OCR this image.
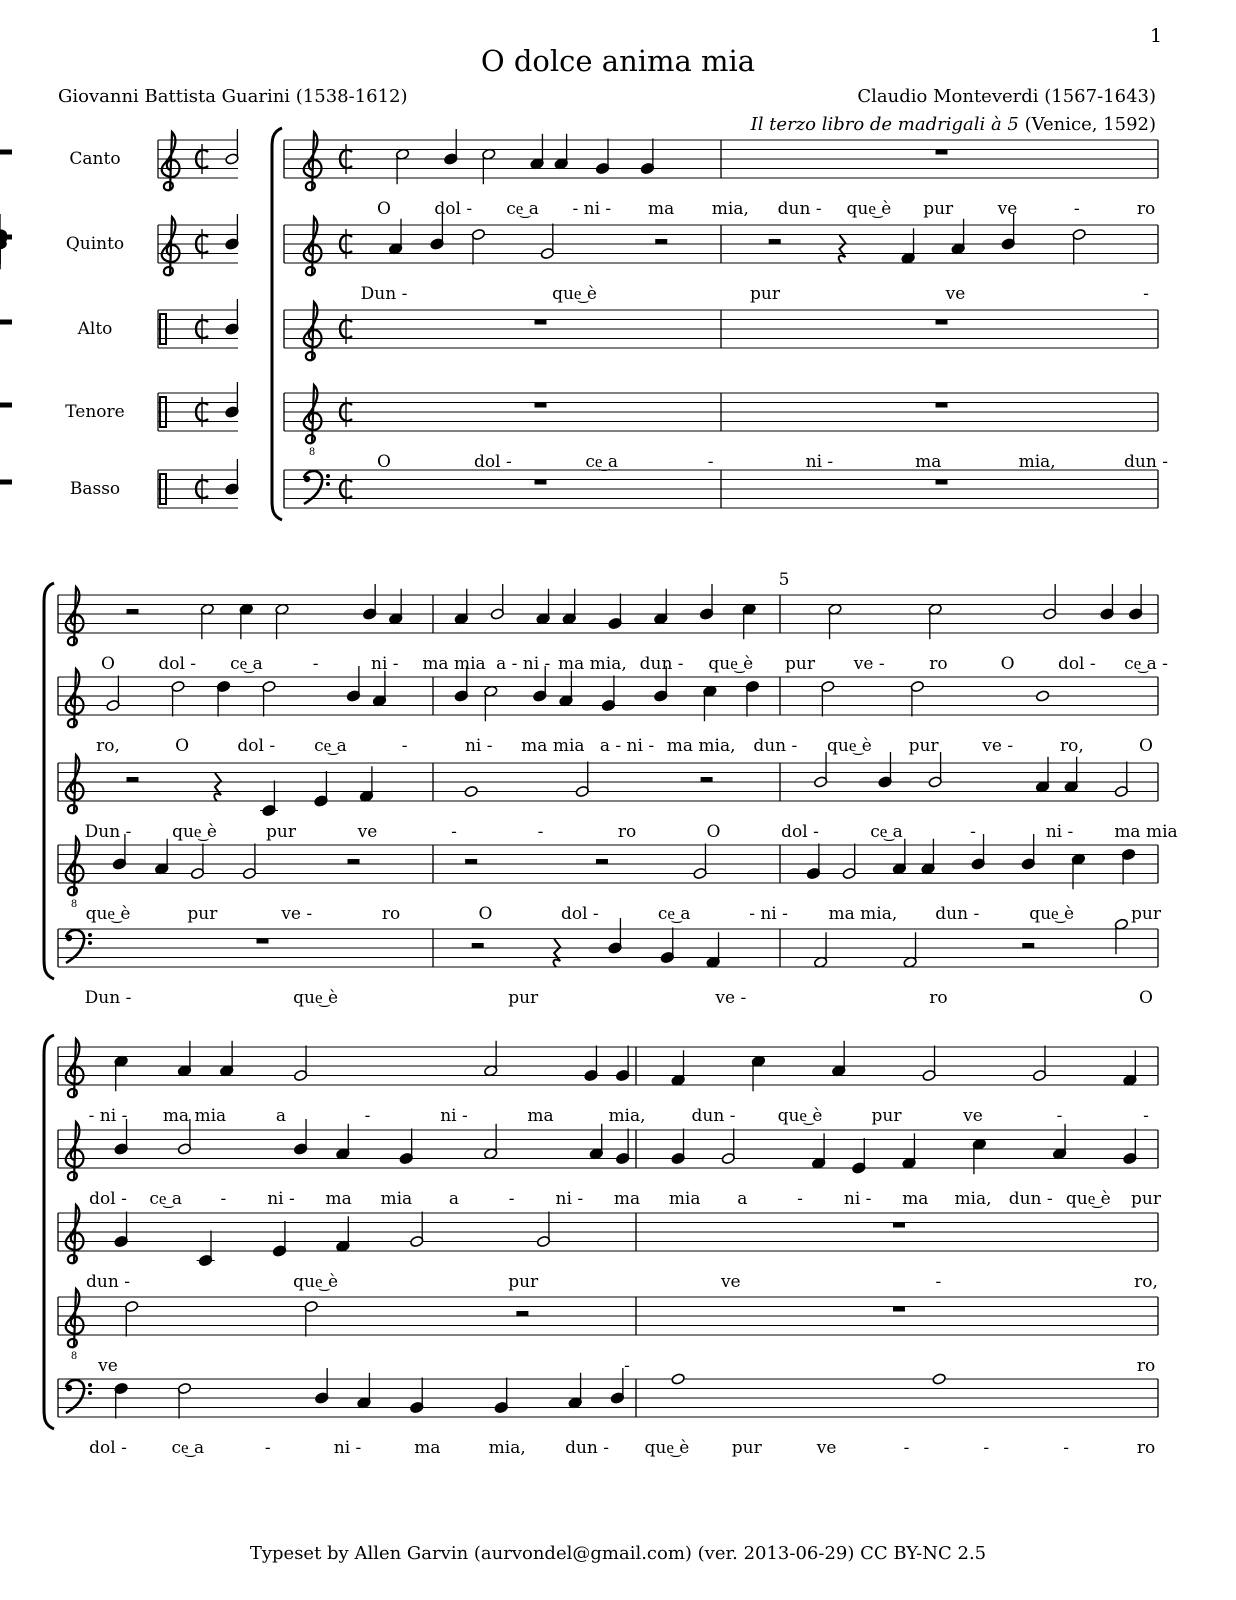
1
O dolce anima mia
Giovanni Battista Guarini (1538-1612)	Claudio Monteverdi (1567-1643)
Il terzo libro de madrigali à 5 (Venice, 1592)
Canto
Quinto
Alto
Tenore
Basso
O	dol - ce͜ a - ni - ma mia, dun - que͜ è pur	ve	-	ro
Dun -	que͜ è	pur	ve	-
8	O	dol -	ce͜ a	-	ni -	ma	mia,	dun -
O	dol - ce͜ a	-	ni - ma mia a - ni - ma mia, dun - que͜ è pur ve -	ro	O	dol - ce͜ a -
ro,	O	dol - ce͜ a	-	ni - ma mia a - ni - ma mia, dun - que͜ è pur	ve -	ro,	O
Dun - que͜ è	pur	ve	-	-	ro	O	dol -	ce͜ a	-	ni - ma mia
8 que͜ è	pur	ve -	ro	O	dol -	ce͜ a	- ni - ma mia, dun -	que͜ è	pur
Dun -	que͜ è	pur	ve -	ro	O
- ni - ma mia	a	-	ni -	ma	mia,	dun - que͜ è	pur	ve	-	-
dol - ce͜ a - ni - ma mia a	- ni - ma mia a	- ni - ma mia, dun - que͜ è pur
dun -	que͜ è	pur	ve	-	ro,
8 ve	-	ro
dol -	ce͜ a	-	ni -	ma	mia, dun - que͜ è pur	ve	-	-	-	ro
5
Typeset by Allen Garvin (aurvondel@gmail.com) (ver. 2013-06-29) CC BY-NC 2.5
